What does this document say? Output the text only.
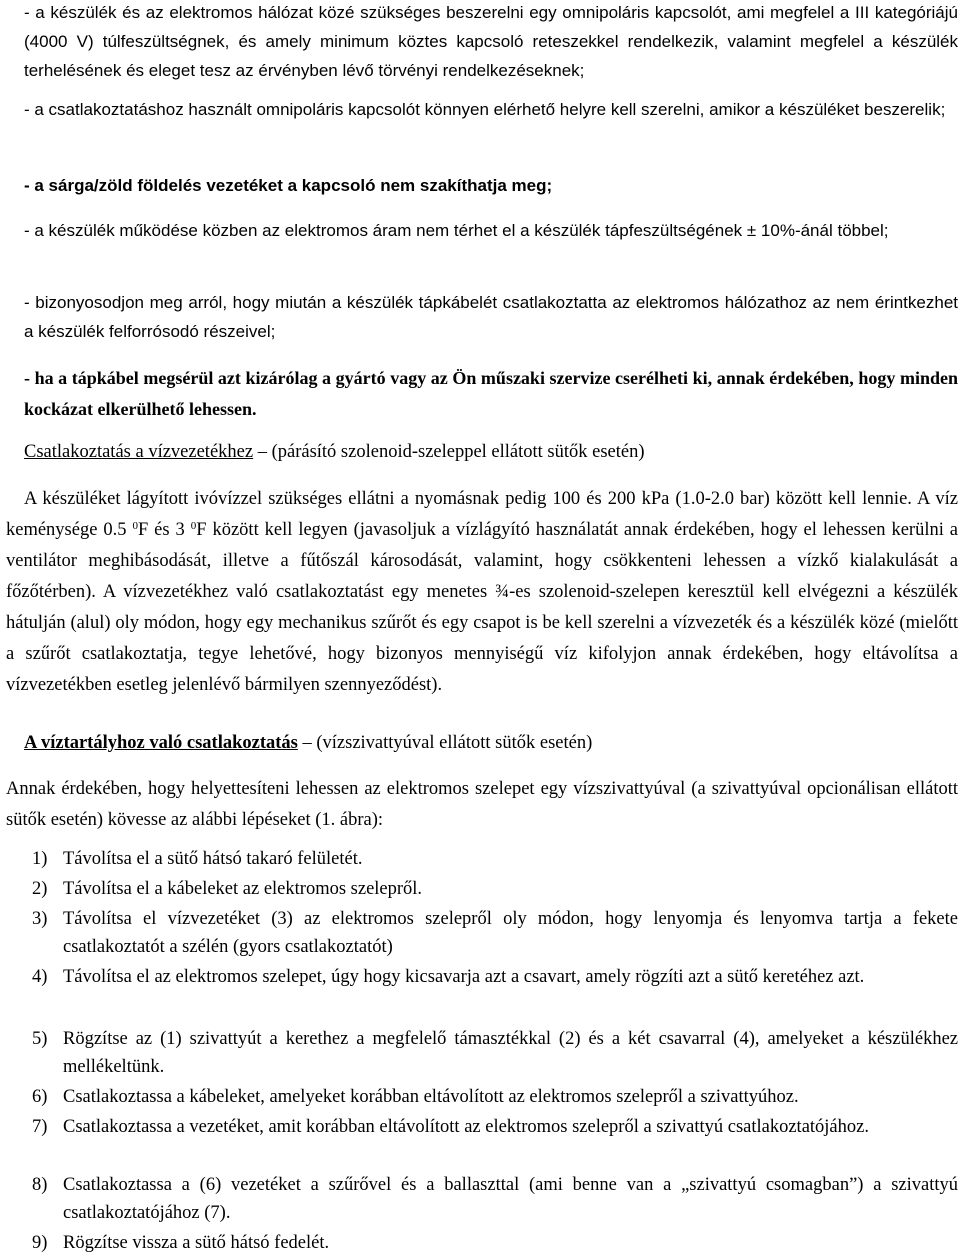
- a készülék és az elektromos hálózat közé szükséges beszerelni egy omnipoláris kapcsolót, ami megfelel a III kategóriájú (4000 V) túlfeszültségnek, és amely minimum köztes kapcsoló reteszekkel rendelkezik, valamint megfelel a készülék terhelésének és eleget tesz az érvényben lévő törvényi rendelkezéseknek;

- a csatlakoztatáshoz használt omnipoláris kapcsolót könnyen elérhető helyre kell szerelni, amikor a készüléket beszerelik;

- a sárga/zöld földelés vezetéket a kapcsoló nem szakíthatja meg;

- a készülék működése közben az elektromos áram nem térhet el a készülék tápfeszültségének ± 10%-ánál többel;

- bizonyosodjon meg arról, hogy miután a készülék tápkábelét csatlakoztatta az elektromos hálózathoz az nem érintkezhet a készülék felforrósodó részeivel;

- ha a tápkábel megsérül azt kizárólag a gyártó vagy az Ön műszaki szervize cserélheti ki, annak érdekében, hogy minden kockázat elkerülhető lehessen.

Csatlakoztatás a vízvezetékhez – (párásító szolenoid-szeleppel ellátott sütők esetén)

A készüléket lágyított ivóvízzel szükséges ellátni a nyomásnak pedig 100 és 200 kPa (1.0-2.0 bar) között kell lennie. A víz keménysége 0.5 $^0$F és 3 $^0$F között kell legyen (javasoljuk a vízlágyító használatát annak érdekében, hogy el lehessen kerülni a ventilátor meghibásodását, illetve a fűtőszál károsodását, valamint, hogy csökkenteni lehessen a vízkő kialakulását a főzőtérben). A vízvezetékhez való csatlakoztatást egy menetes ¾-es szolenoid-szelepen keresztül kell elvégezni a készülék hátulján (alul) oly módon, hogy egy mechanikus szűrőt és egy csapot is be kell szerelni a vízvezeték és a készülék közé (mielőtt a szűrőt csatlakoztatja, tegye lehetővé, hogy bizonyos mennyiségű víz kifolyjon annak érdekében, hogy eltávolítsa a vízvezetékben esetleg jelenlévő bármilyen szennyeződést).

A víztartályhoz való csatlakoztatás – (vízszivattyúval ellátott sütők esetén)

Annak érdekében, hogy helyettesíteni lehessen az elektromos szelepet egy vízszivattyúval (a szivattyúval opcionálisan ellátott sütők esetén) kövesse az alábbi lépéseket (1. ábra):

1) Távolítsa el a sütő hátsó takaró felületét.
2) Távolítsa el a kábeleket az elektromos szelepről.
3) Távolítsa el vízvezetéket (3) az elektromos szelepről oly módon, hogy lenyomja és lenyomva tartja a fekete csatlakoztatót a szélén (gyors csatlakoztatót)
4) Távolítsa el az elektromos szelepet, úgy hogy kicsavarja azt a csavart, amely rögzíti azt a sütő keretéhez azt.
5) Rögzítse az (1) szivattyút a kerethez a megfelelő támasztékkal (2) és a két csavarral (4), amelyeket a készülékhez mellékeltünk.
6) Csatlakoztassa a kábeleket, amelyeket korábban eltávolított az elektromos szelepről a szivattyúhoz.
7) Csatlakoztassa a vezetéket, amit korábban eltávolított az elektromos szelepről a szivattyú csatlakoztatójához.
8) Csatlakoztassa a (6) vezetéket a szűrővel és a ballaszttal (ami benne van a „szivattyú csomagban”) a szivattyú csatlakoztatójához (7).
9) Rögzítse vissza a sütő hátsó fedelét.
